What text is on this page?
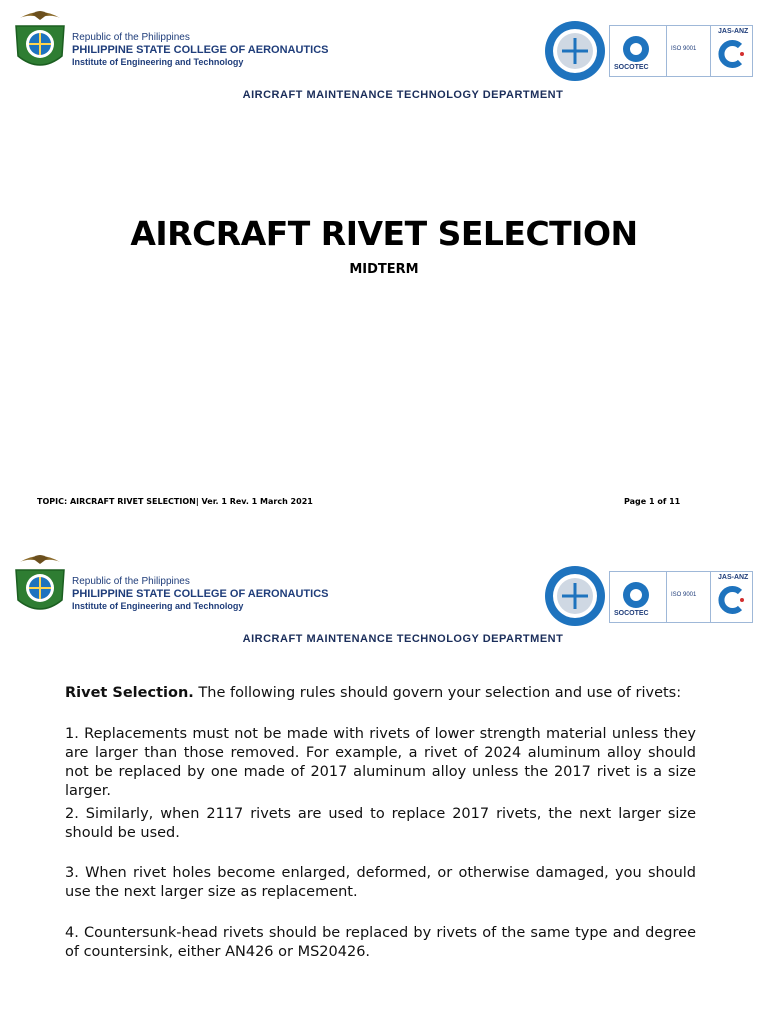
Republic of the Philippines
PHILIPPINE STATE COLLEGE OF AERONAUTICS
Institute of Engineering and Technology
SOCOTEC
ISO 9001
JAS-ANZ
AIRCRAFT MAINTENANCE TECHNOLOGY DEPARTMENT
AIRCRAFT RIVET SELECTION
MIDTERM
TOPIC: AIRCRAFT RIVET SELECTION| Ver. 1 Rev. 1 March 2021	Page 1 of 11
Republic of the Philippines
PHILIPPINE STATE COLLEGE OF AERONAUTICS
Institute of Engineering and Technology
SOCOTEC
ISO 9001
JAS-ANZ
AIRCRAFT MAINTENANCE TECHNOLOGY DEPARTMENT
Rivet Selection. The following rules should govern your selection and use of rivets:
1. Replacements must not be made with rivets of lower strength material unless they are larger than those removed. For example, a rivet of 2024 aluminum alloy should not be replaced by one made of 2017 aluminum alloy unless the 2017 rivet is a size larger.
2. Similarly, when 2117 rivets are used to replace 2017 rivets, the next larger size should be used.
3. When rivet holes become enlarged, deformed, or otherwise damaged, you should use the next larger size as replacement.
4. Countersunk-head rivets should be replaced by rivets of the same type and degree of countersink, either AN426 or MS20426.
